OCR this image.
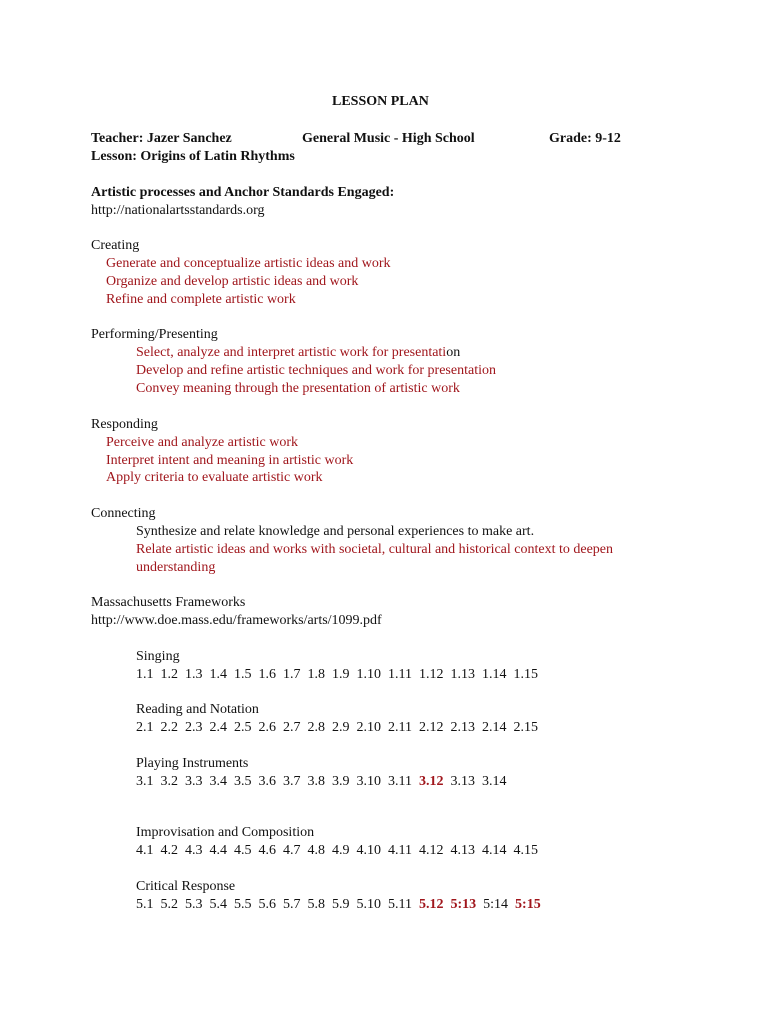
LESSON PLAN
Teacher: Jazer Sanchez	General Music - High School	Grade: 9-12
Lesson: Origins of Latin Rhythms
Artistic processes and Anchor Standards Engaged:
http://nationalartsstandards.org
Creating
Generate and conceptualize artistic ideas and work
Organize and develop artistic ideas and work
Refine and complete artistic work
Performing/Presenting
Select, analyze and interpret artistic work for presentation
Develop and refine artistic techniques and work for presentation
Convey meaning through the presentation of artistic work
Responding
Perceive and analyze artistic work
Interpret intent and meaning in artistic work
Apply criteria to evaluate artistic work
Connecting
Synthesize and relate knowledge and personal experiences to make art.
Relate artistic ideas and works with societal, cultural and historical context to deepen
understanding
Massachusetts Frameworks
http://www.doe.mass.edu/frameworks/arts/1099.pdf
Singing
1.1 1.2 1.3 1.4 1.5 1.6 1.7 1.8 1.9 1.10 1.11 1.12 1.13 1.14 1.15
Reading and Notation
2.1 2.2 2.3 2.4 2.5 2.6 2.7 2.8 2.9 2.10 2.11 2.12 2.13 2.14 2.15
Playing Instruments
3.1 3.2 3.3 3.4 3.5 3.6 3.7 3.8 3.9 3.10 3.11 3.12 3.13 3.14
Improvisation and Composition
4.1 4.2 4.3 4.4 4.5 4.6 4.7 4.8 4.9 4.10 4.11 4.12 4.13 4.14 4.15
Critical Response
5.1 5.2 5.3 5.4 5.5 5.6 5.7 5.8 5.9 5.10 5.11 5.12 5:13 5:14 5:15
